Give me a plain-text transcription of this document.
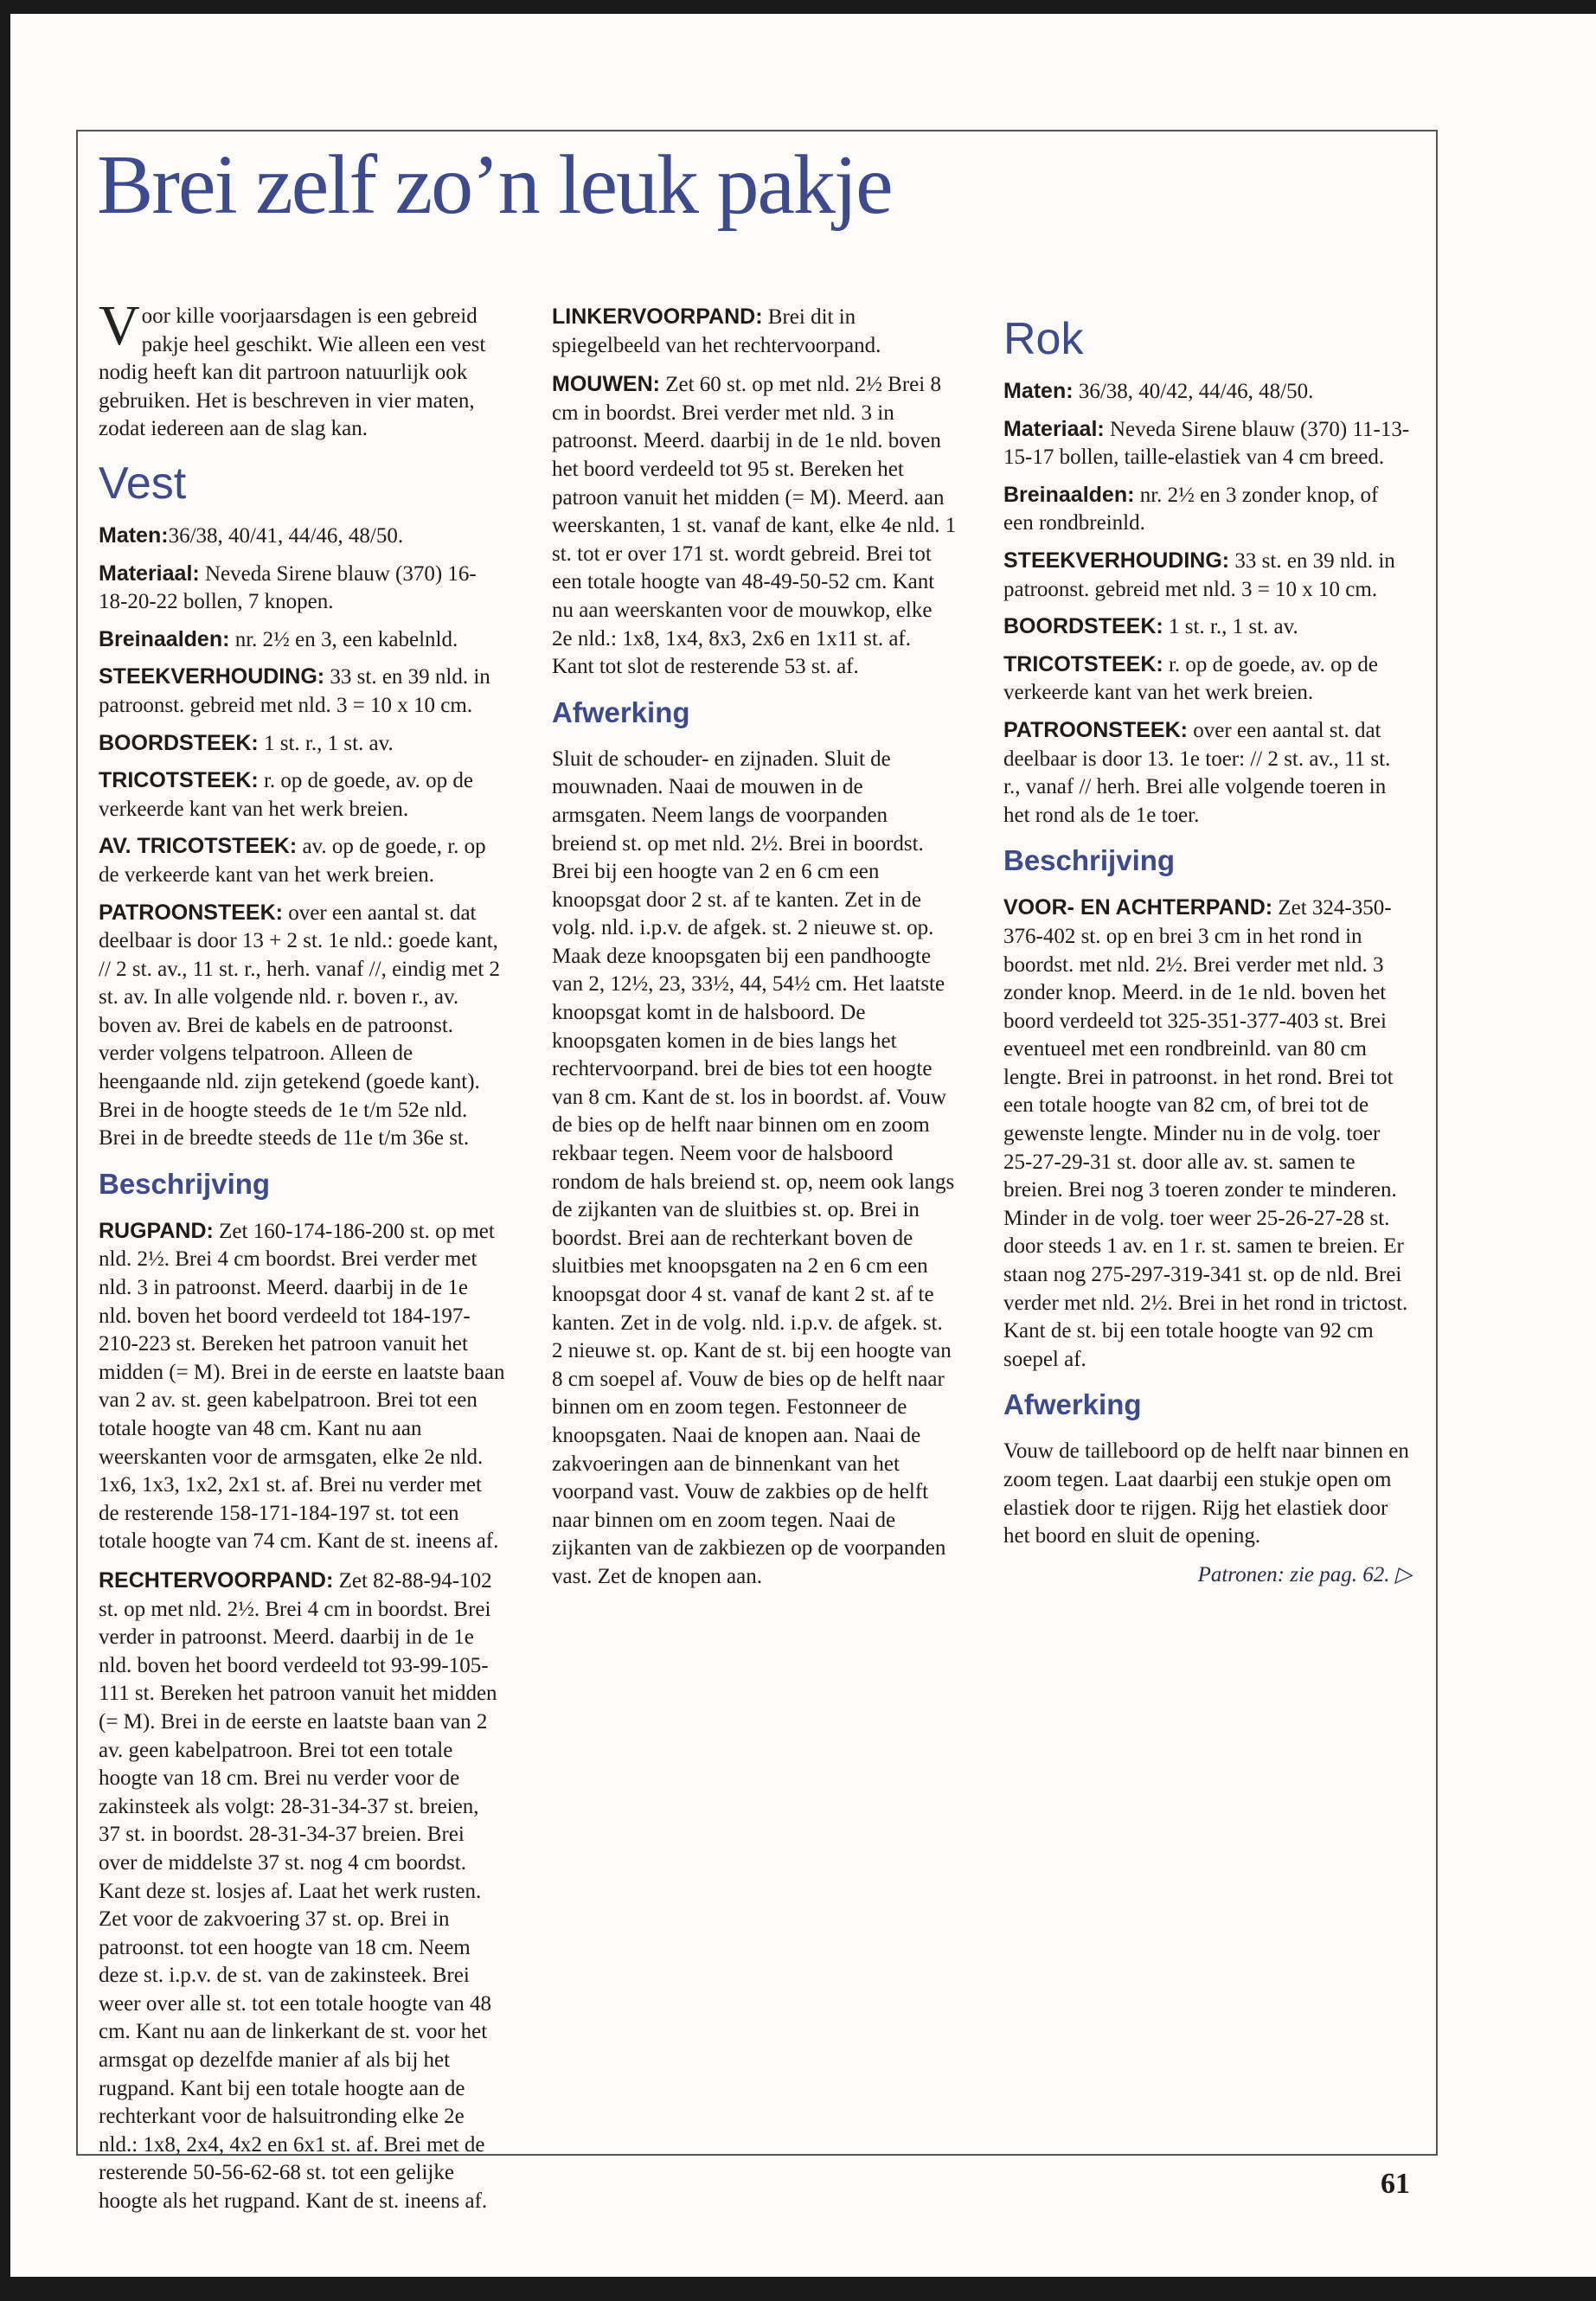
Brei zelf zo’n leuk pakje

Voor kille voorjaarsdagen is een gebreid pakje heel geschikt. Wie alleen een vest nodig heeft kan dit partroon natuurlijk ook gebruiken. Het is beschreven in vier maten, zodat iedereen aan de slag kan.

Vest

Maten:36/38, 40/41, 44/46, 48/50.

Materiaal: Neveda Sirene blauw (370) 16-18-20-22 bollen, 7 knopen.

Breinaalden: nr. 2½ en 3, een kabelnld.

STEEKVERHOUDING: 33 st. en 39 nld. in patroonst. gebreid met nld. 3 = 10 x 10 cm.

BOORDSTEEK: 1 st. r., 1 st. av.

TRICOTSTEEK: r. op de goede, av. op de verkeerde kant van het werk breien.

AV. TRICOTSTEEK: av. op de goede, r. op de verkeerde kant van het werk breien.

PATROONSTEEK: over een aantal st. dat deelbaar is door 13 + 2 st. 1e nld.: goede kant, // 2 st. av., 11 st. r., herh. vanaf //, eindig met 2 st. av. In alle volgende nld. r. boven r., av. boven av. Brei de kabels en de patroonst. verder volgens telpatroon. Alleen de heengaande nld. zijn getekend (goede kant). Brei in de hoogte steeds de 1e t/m 52e nld. Brei in de breedte steeds de 11e t/m 36e st.

Beschrijving

RUGPAND: Zet 160-174-186-200 st. op met nld. 2½. Brei 4 cm boordst. Brei verder met nld. 3 in patroonst. Meerd. daarbij in de 1e nld. boven het boord verdeeld tot 184-197-210-223 st. Bereken het patroon vanuit het midden (= M). Brei in de eerste en laatste baan van 2 av. st. geen kabelpatroon. Brei tot een totale hoogte van 48 cm. Kant nu aan weerskanten voor de armsgaten, elke 2e nld. 1x6, 1x3, 1x2, 2x1 st. af. Brei nu verder met de resterende 158-171-184-197 st. tot een totale hoogte van 74 cm. Kant de st. ineens af.

RECHTERVOORPAND: Zet 82-88-94-102 st. op met nld. 2½. Brei 4 cm in boordst. Brei verder in patroonst. Meerd. daarbij in de 1e nld. boven het boord verdeeld tot 93-99-105-111 st. Bereken het patroon vanuit het midden (= M). Brei in de eerste en laatste baan van 2 av. geen kabelpatroon. Brei tot een totale hoogte van 18 cm. Brei nu verder voor de zakinsteek als volgt: 28-31-34-37 st. breien, 37 st. in boordst. 28-31-34-37 breien. Brei over de middelste 37 st. nog 4 cm boordst. Kant deze st. losjes af. Laat het werk rusten. Zet voor de zakvoering 37 st. op. Brei in patroonst. tot een hoogte van 18 cm. Neem deze st. i.p.v. de st. van de zakinsteek. Brei weer over alle st. tot een totale hoogte van 48 cm. Kant nu aan de linkerkant de st. voor het armsgat op dezelfde manier af als bij het rugpand. Kant bij een totale hoogte aan de rechterkant voor de halsuitronding elke 2e nld.: 1x8, 2x4, 4x2 en 6x1 st. af. Brei met de resterende 50-56-62-68 st. tot een gelijke hoogte als het rugpand. Kant de st. ineens af.

LINKERVOORPAND: Brei dit in spiegelbeeld van het rechtervoorpand.

MOUWEN: Zet 60 st. op met nld. 2½ Brei 8 cm in boordst. Brei verder met nld. 3 in patroonst. Meerd. daarbij in de 1e nld. boven het boord verdeeld tot 95 st. Bereken het patroon vanuit het midden (= M). Meerd. aan weerskanten, 1 st. vanaf de kant, elke 4e nld. 1 st. tot er over 171 st. wordt gebreid. Brei tot een totale hoogte van 48-49-50-52 cm. Kant nu aan weerskanten voor de mouwkop, elke 2e nld.: 1x8, 1x4, 8x3, 2x6 en 1x11 st. af. Kant tot slot de resterende 53 st. af.

Afwerking

Sluit de schouder- en zijnaden. Sluit de mouwnaden. Naai de mouwen in de armsgaten. Neem langs de voorpanden breiend st. op met nld. 2½. Brei in boordst. Brei bij een hoogte van 2 en 6 cm een knoopsgat door 2 st. af te kanten. Zet in de volg. nld. i.p.v. de afgek. st. 2 nieuwe st. op. Maak deze knoopsgaten bij een pandhoogte van 2, 12½, 23, 33½, 44, 54½ cm. Het laatste knoopsgat komt in de halsboord. De knoopsgaten komen in de bies langs het rechtervoorpand. brei de bies tot een hoogte van 8 cm. Kant de st. los in boordst. af. Vouw de bies op de helft naar binnen om en zoom rekbaar tegen. Neem voor de halsboord rondom de hals breiend st. op, neem ook langs de zijkanten van de sluitbies st. op. Brei in boordst. Brei aan de rechterkant boven de sluitbies met knoopsgaten na 2 en 6 cm een knoopsgat door 4 st. vanaf de kant 2 st. af te kanten. Zet in de volg. nld. i.p.v. de afgek. st. 2 nieuwe st. op. Kant de st. bij een hoogte van 8 cm soepel af. Vouw de bies op de helft naar binnen om en zoom tegen. Festonneer de knoopsgaten. Naai de knopen aan. Naai de zakvoeringen aan de binnenkant van het voorpand vast. Vouw de zakbies op de helft naar binnen om en zoom tegen. Naai de zijkanten van de zakbiezen op de voorpanden vast. Zet de knopen aan.

Rok

Maten: 36/38, 40/42, 44/46, 48/50.

Materiaal: Neveda Sirene blauw (370) 11-13-15-17 bollen, taille-elastiek van 4 cm breed.

Breinaalden: nr. 2½ en 3 zonder knop, of een rondbreinld.

STEEKVERHOUDING: 33 st. en 39 nld. in patroonst. gebreid met nld. 3 = 10 x 10 cm.

BOORDSTEEK: 1 st. r., 1 st. av.

TRICOTSTEEK: r. op de goede, av. op de verkeerde kant van het werk breien.

PATROONSTEEK: over een aantal st. dat deelbaar is door 13. 1e toer: // 2 st. av., 11 st. r., vanaf // herh. Brei alle volgende toeren in het rond als de 1e toer.

Beschrijving

VOOR- EN ACHTERPAND: Zet 324-350-376-402 st. op en brei 3 cm in het rond in boordst. met nld. 2½. Brei verder met nld. 3 zonder knop. Meerd. in de 1e nld. boven het boord verdeeld tot 325-351-377-403 st. Brei eventueel met een rondbreinld. van 80 cm lengte. Brei in patroonst. in het rond. Brei tot een totale hoogte van 82 cm, of brei tot de gewenste lengte. Minder nu in de volg. toer 25-27-29-31 st. door alle av. st. samen te breien. Brei nog 3 toeren zonder te minderen. Minder in de volg. toer weer 25-26-27-28 st. door steeds 1 av. en 1 r. st. samen te breien. Er staan nog 275-297-319-341 st. op de nld. Brei verder met nld. 2½. Brei in het rond in trictost. Kant de st. bij een totale hoogte van 92 cm soepel af.

Afwerking

Vouw de tailleboord op de helft naar binnen en zoom tegen. Laat daarbij een stukje open om elastiek door te rijgen. Rijg het elastiek door het boord en sluit de opening.

Patronen: zie pag. 62. ▷

61
